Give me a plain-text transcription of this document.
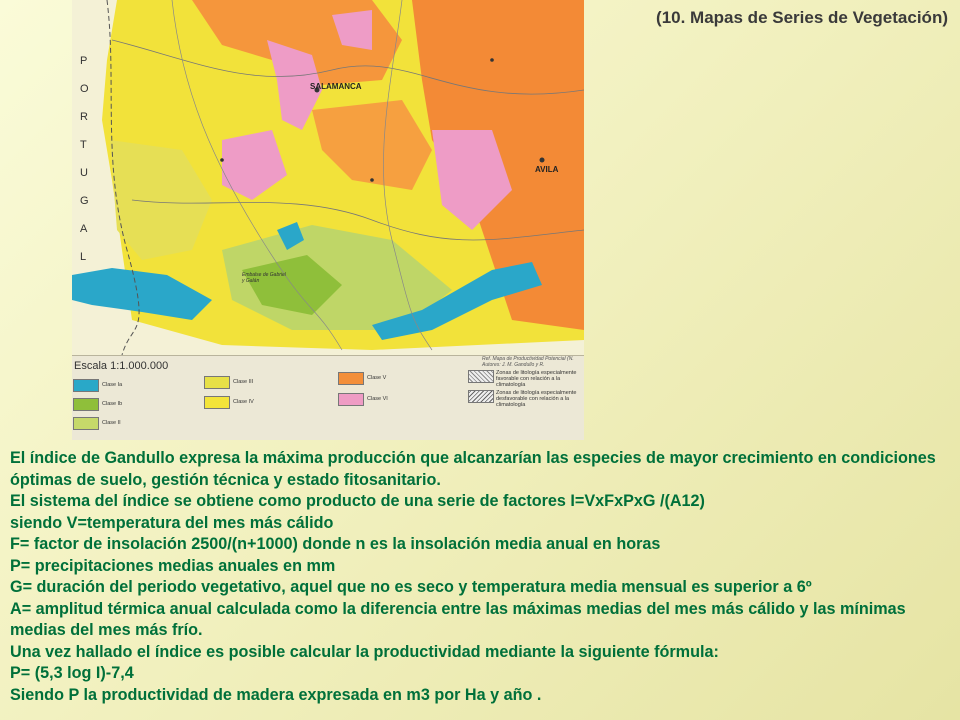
(10. Mapas de Series de Vegetación)
P
O
R
T
U
G
A
L
SALAMANCA
AVILA
Embalse de Gabriel y Galán
Escala 1:1.000.000
Ref. Mapa de Productividad Potencial (N.
Autores: J. M. Gandullo y R.
Clase Ia
Clase Ib
Clase II
Clase III
Clase IV
Clase V
Clase VI
Zonas de litología especialmente favorable con relación a la climatología
Zonas de litología especialmente desfavorable con relación a la climatología

El índice de Gandullo expresa la máxima producción que alcanzarían las especies de mayor crecimiento en condiciones óptimas de suelo, gestión técnica y estado fitosanitario.

El sistema del índice se obtiene como producto de una serie de factores I=VxFxPxG /(A12)

siendo V=temperatura del mes más cálido

F= factor de insolación 2500/(n+1000) donde n es la insolación media anual en horas

P= precipitaciones medias anuales en mm

G= duración del periodo vegetativo, aquel que no es seco y temperatura media mensual es superior a 6º

A= amplitud térmica anual calculada como la diferencia entre las máximas medias del mes más cálido y las mínimas medias del mes más frío.

Una vez hallado el índice es posible calcular la productividad mediante la siguiente fórmula:

P= (5,3 log I)-7,4

Siendo P la productividad de madera expresada en m3 por Ha y año .
